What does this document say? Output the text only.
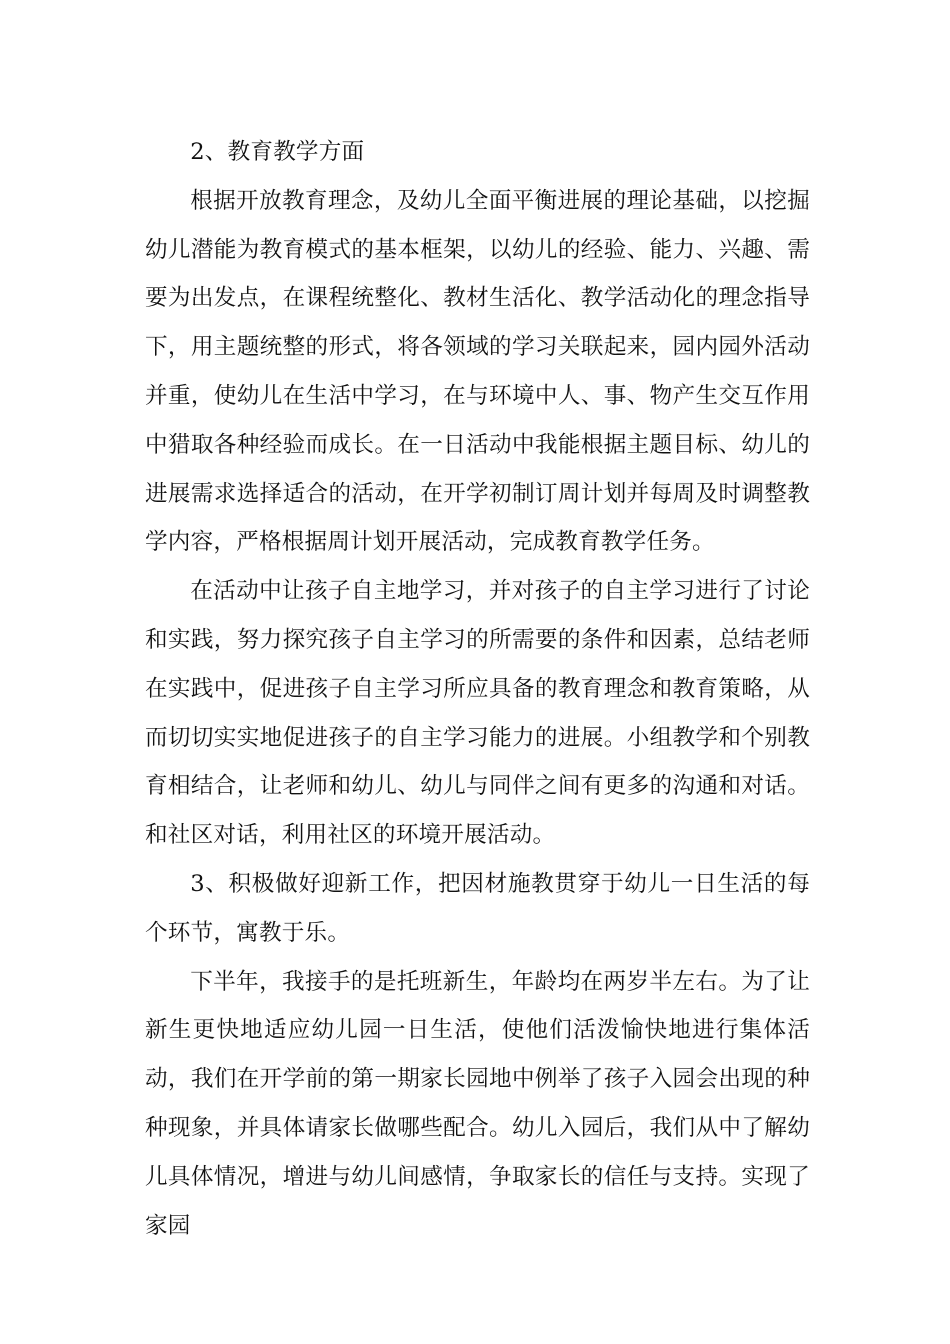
2、教育教学方面

根据开放教育理念，及幼儿全面平衡进展的理论基础，以挖掘幼儿潜能为教育模式的基本框架，以幼儿的经验、能力、兴趣、需要为出发点，在课程统整化、教材生活化、教学活动化的理念指导下，用主题统整的形式，将各领域的学习关联起来，园内园外活动并重，使幼儿在生活中学习，在与环境中人、事、物产生交互作用中猎取各种经验而成长。在一日活动中我能根据主题目标、幼儿的进展需求选择适合的活动，在开学初制订周计划并每周及时调整教学内容，严格根据周计划开展活动，完成教育教学任务。

在活动中让孩子自主地学习，并对孩子的自主学习进行了讨论和实践，努力探究孩子自主学习的所需要的条件和因素，总结老师在实践中，促进孩子自主学习所应具备的教育理念和教育策略，从而切切实实地促进孩子的自主学习能力的进展。小组教学和个别教育相结合，让老师和幼儿、幼儿与同伴之间有更多的沟通和对话。和社区对话，利用社区的环境开展活动。

3、积极做好迎新工作，把因材施教贯穿于幼儿一日生活的每个环节，寓教于乐。

下半年，我接手的是托班新生，年龄均在两岁半左右。为了让新生更快地适应幼儿园一日生活，使他们活泼愉快地进行集体活动，我们在开学前的第一期家长园地中例举了孩子入园会出现的种种现象，并具体请家长做哪些配合。幼儿入园后，我们从中了解幼儿具体情况，增进与幼儿间感情，争取家长的信任与支持。实现了家园
